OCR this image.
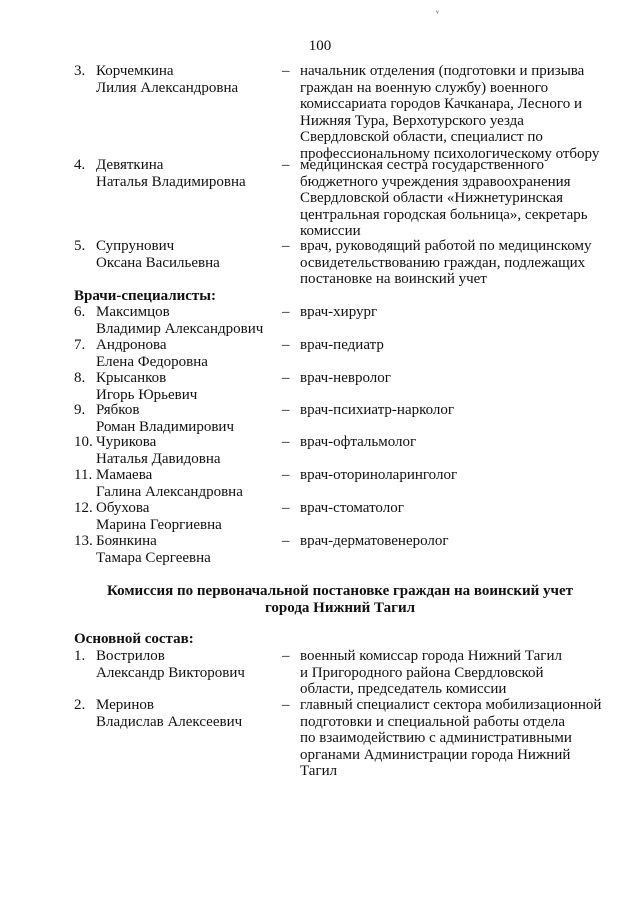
ᵛ
100
3. Корчемкина
Лилия Александровна
– начальник отделения (подготовки и призыва
граждан на военную службу) военного
комиссариата городов Качканара, Лесного и
Нижняя Тура, Верхотурского уезда
Свердловской области, специалист по
профессиональному психологическому отбору
4. Девяткина
Наталья Владимировна
– медицинская сестра государственного
бюджетного учреждения здравоохранения
Свердловской области «Нижнетуринская
центральная городская больница», секретарь
комиссии
5. Супрунович
Оксана Васильевна
– врач, руководящий работой по медицинскому
освидетельствованию граждан, подлежащих
постановке на воинский учет
Врачи-специалисты:
6. Максимцов
Владимир Александрович
– врач-хирург
7. Андронова
Елена Федоровна
– врач-педиатр
8. Крысанков
Игорь Юрьевич
– врач-невролог
9. Рябков
Роман Владимирович
– врач-психиатр-нарколог
10. Чурикова
Наталья Давидовна
– врач-офтальмолог
11. Мамаева
Галина Александровна
– врач-оториноларинголог
12. Обухова
Марина Георгиевна
– врач-стоматолог
13. Боянкина
Тамара Сергеевна
– врач-дерматовенеролог
Комиссия по первоначальной постановке граждан на воинский учет
города Нижний Тагил
Основной состав:
1. Вострилов
Александр Викторович
– военный комиссар города Нижний Тагил
и Пригородного района Свердловской
области, председатель комиссии
2. Меринов
Владислав Алексеевич
– главный специалист сектора мобилизационной
подготовки и специальной работы отдела
по взаимодействию с административными
органами Администрации города Нижний
Тагил
